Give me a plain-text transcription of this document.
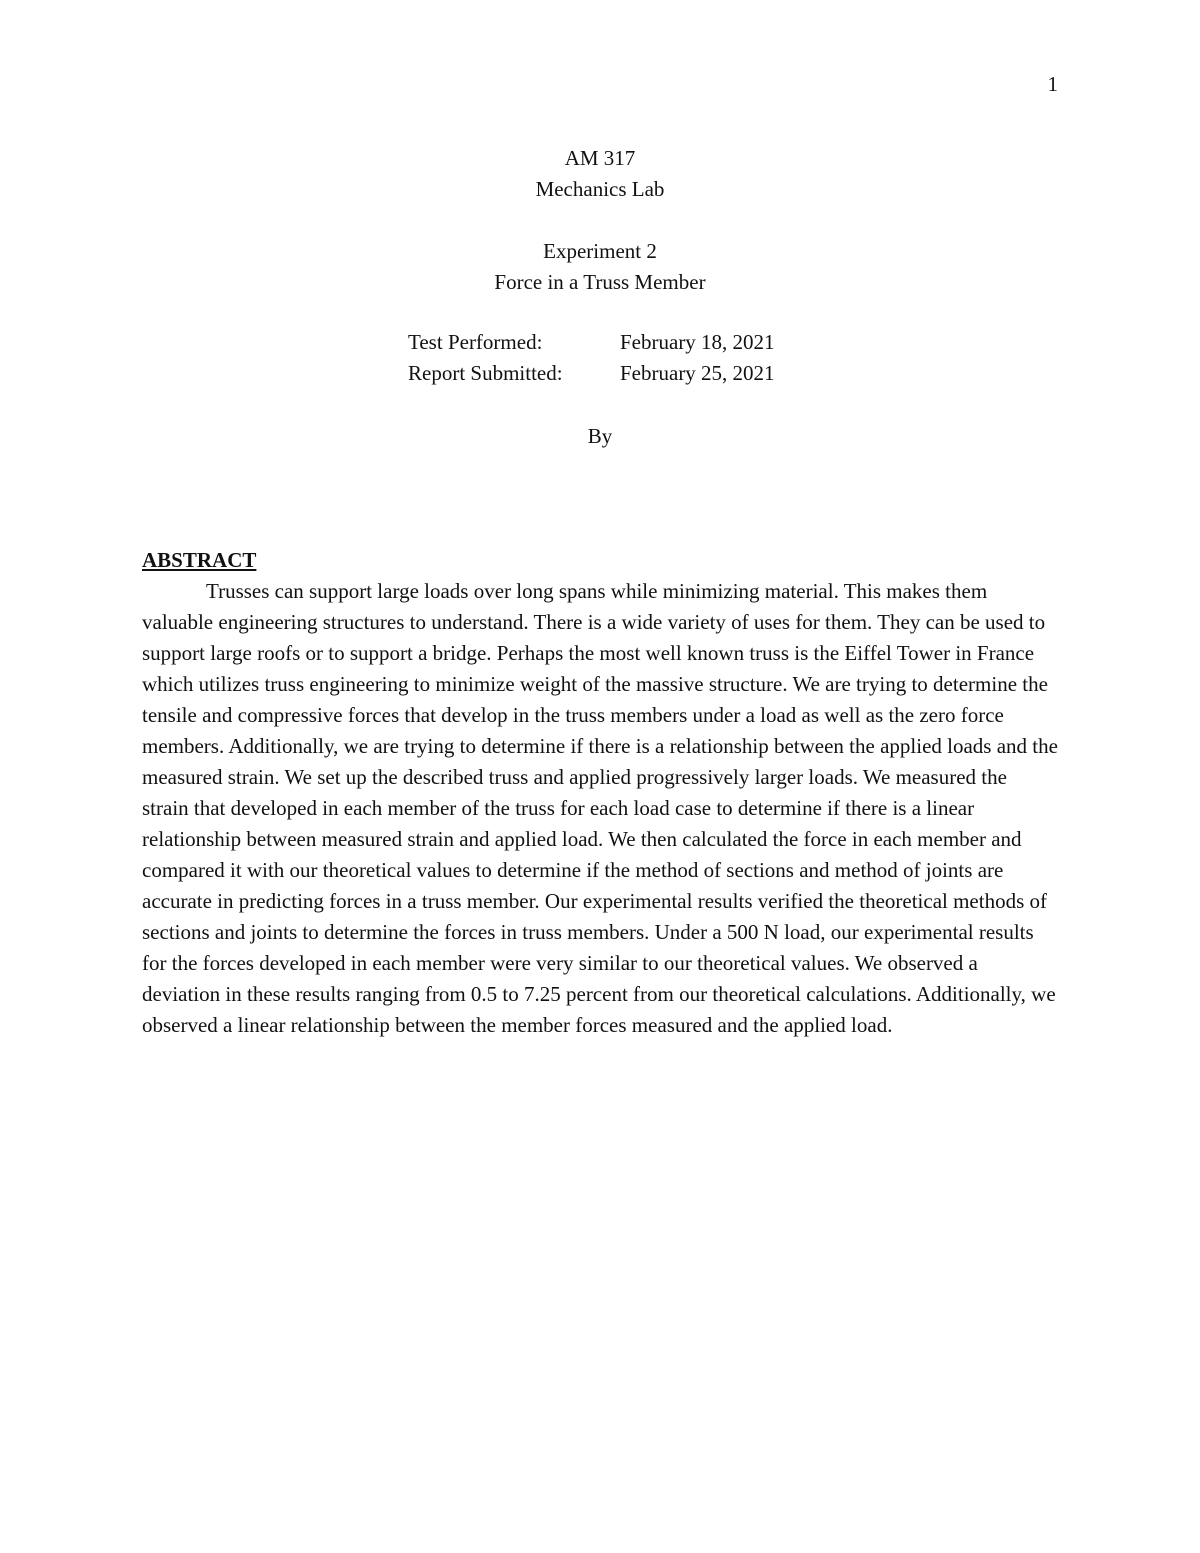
1
AM 317
Mechanics Lab
Experiment 2
Force in a Truss Member
Test Performed:	February 18, 2021
Report Submitted:	February 25, 2021
By

ABSTRACT

Trusses can support large loads over long spans while minimizing material. This makes them valuable engineering structures to understand. There is a wide variety of uses for them. They can be used to support large roofs or to support a bridge. Perhaps the most well known truss is the Eiffel Tower in France which utilizes truss engineering to minimize weight of the massive structure. We are trying to determine the tensile and compressive forces that develop in the truss members under a load as well as the zero force members. Additionally, we are trying to determine if there is a relationship between the applied loads and the measured strain. We set up the described truss and applied progressively larger loads. We measured the strain that developed in each member of the truss for each load case to determine if there is a linear relationship between measured strain and applied load. We then calculated the force in each member and compared it with our theoretical values to determine if the method of sections and method of joints are accurate in predicting forces in a truss member. Our experimental results verified the theoretical methods of sections and joints to determine the forces in truss members. Under a 500 N load, our experimental results for the forces developed in each member were very similar to our theoretical values. We observed a deviation in these results ranging from 0.5 to 7.25 percent from our theoretical calculations. Additionally, we observed a linear relationship between the member forces measured and the applied load.
